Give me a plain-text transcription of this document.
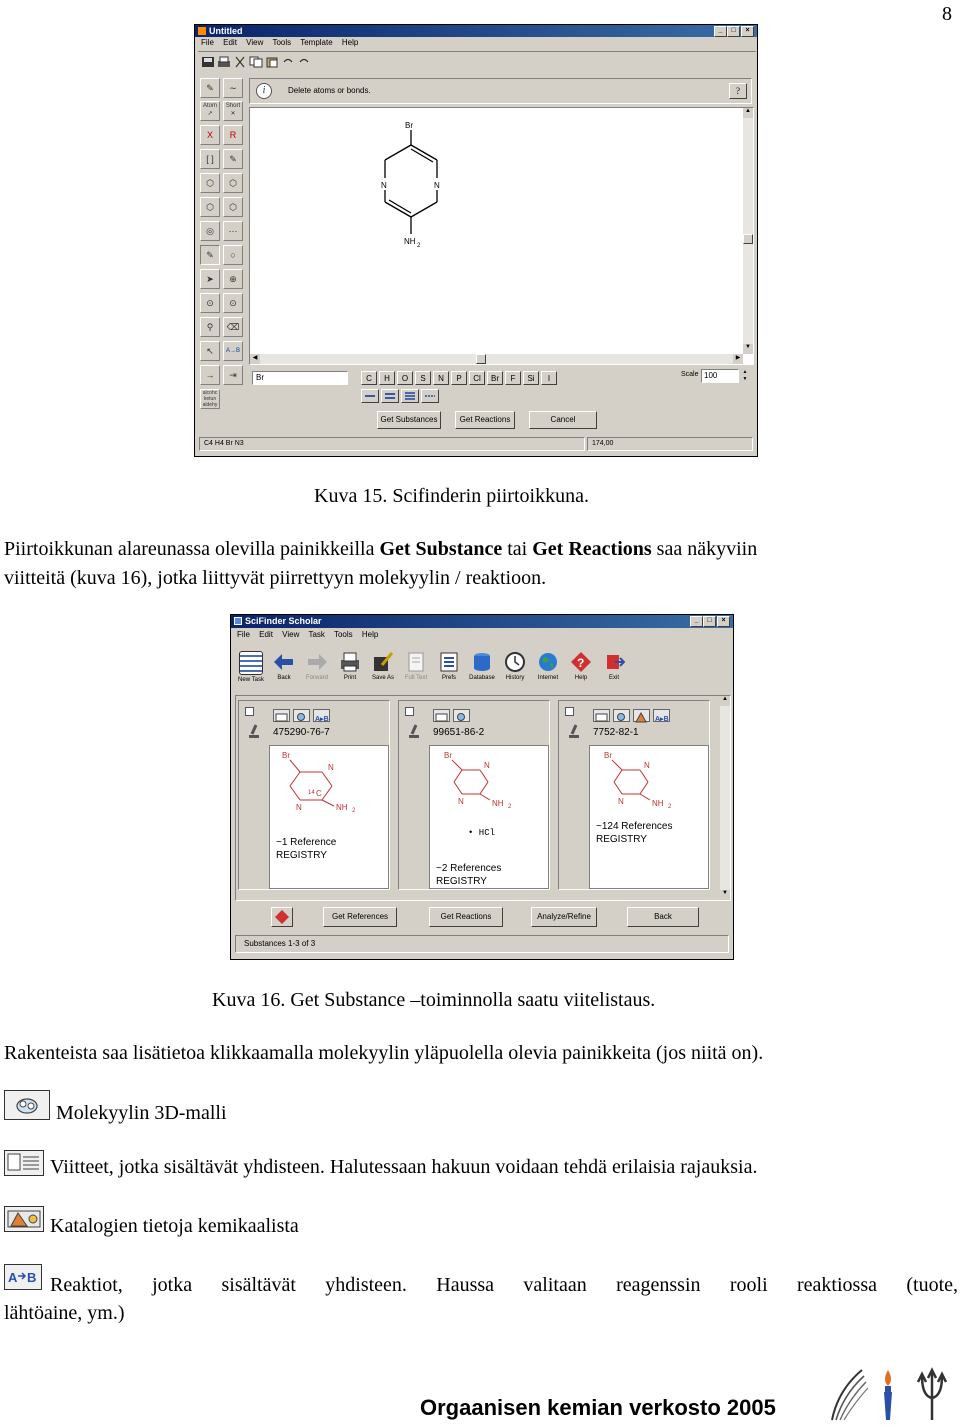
8
Untitled	_	□	×
File Edit View Tools Template Help
✎	∼
Atom
↗
Short
✕
X	R
[ ]	✎
⬡	⬡
⬡	⬡
◎	⋯
✎	○
➤	⊕
⊙	⊙
⚲	⌫
↖	A→B
→	⇥
alcohc ketun aldehy
i	Delete atoms or bonds.	?
Br
N	N
NH 2
▲
▼
◀	▶
Br	C	H	O	S	N	P	Cl	Br	F	Si	I	Scale 100	▲
▼
Get Substances	Get Reactions	Cancel
C4 H4 Br N3	174,00
Kuva 15. Scifinderin piirtoikkuna.
Piirtoikkunan alareunassa olevilla painikkeilla Get Substance tai Get Reactions saa näkyviin
viitteitä (kuva 16), jotka liittyvät piirrettyyn molekyylin / reaktioon.
SciFinder Scholar	_	□	×
File Edit View Task Tools Help
New Task	Back	Forward	Print	Save As	Full Text	Prefs	Database	History	Internet
?
Help	Exit
A▸B
475290-76-7
Br
N
N
14 C
NH 2
~1 Reference
REGISTRY
99651-86-2
Br
N
N	NH 2
• HCl
~2 References
REGISTRY
A▸B
7752-82-1
Br
N
N	NH 2
~124 References
REGISTRY
▲
▼
Get References	Get Reactions	Analyze/Refine	Back
Substances 1-3 of 3
Kuva 16. Get Substance –toiminnolla saatu viitelistaus.
Rakenteista saa lisätietoa klikkaamalla molekyylin yläpuolella olevia painikkeita (jos niitä on).
Molekyylin 3D-malli
Viitteet, jotka sisältävät yhdisteen. Halutessaan hakuun voidaan tehdä erilaisia rajauksia.
Katalogien tietoja kemikaalista
A B Reaktiot, jotka sisältävät yhdisteen. Haussa valitaan reagenssin rooli reaktiossa (tuote,
lähtöaine, ym.)
Orgaanisen kemian verkosto 2005
